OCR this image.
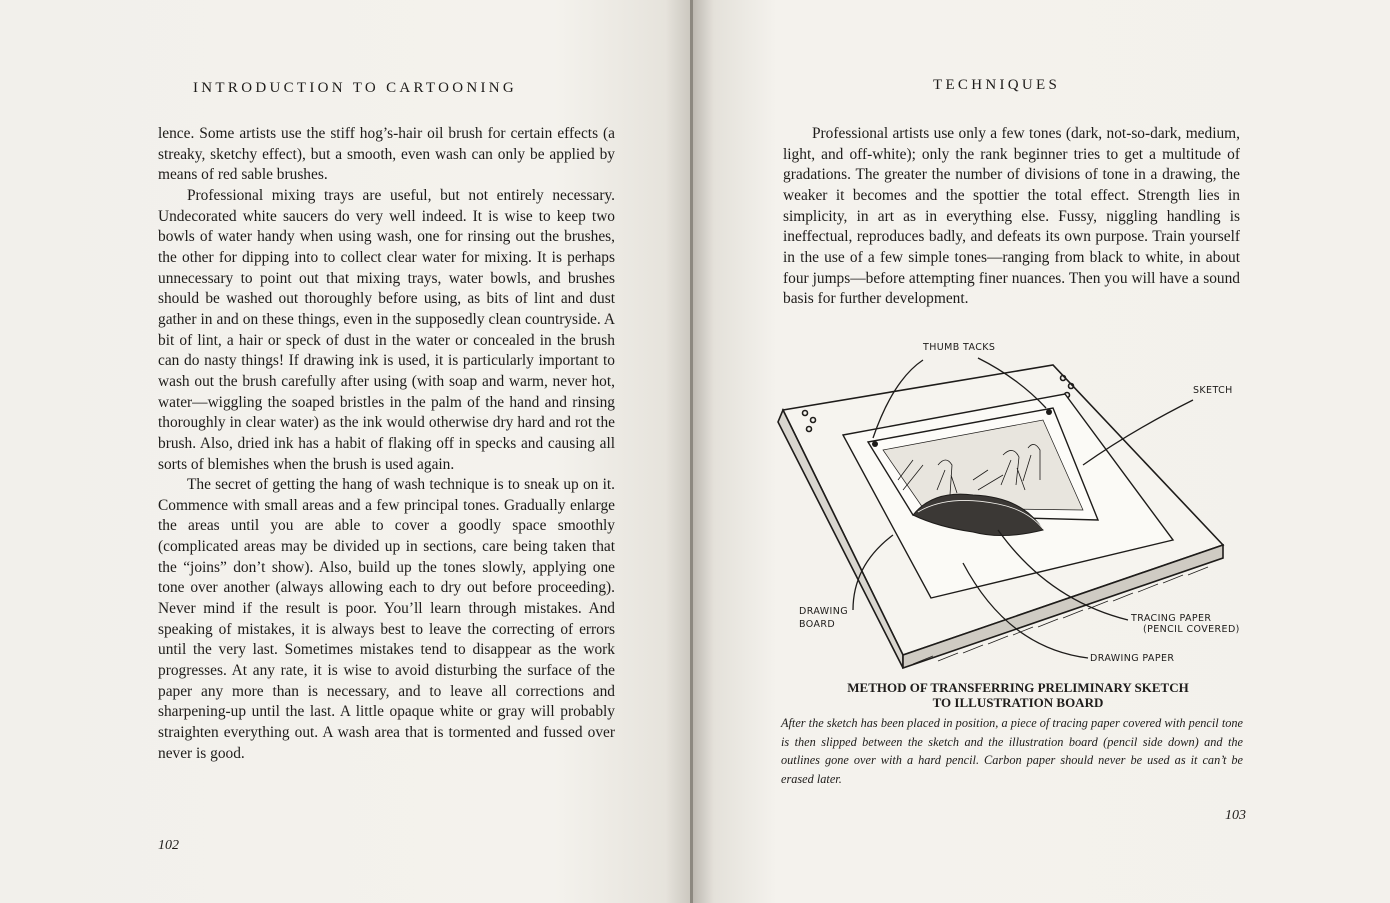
INTRODUCTION TO CARTOONING

lence. Some artists use the stiff hog’s-hair oil brush for certain effects (a streaky, sketchy effect), but a smooth, even wash can only be applied by means of red sable brushes.

Professional mixing trays are useful, but not entirely necessary. Undecorated white saucers do very well indeed. It is wise to keep two bowls of water handy when using wash, one for rinsing out the brushes, the other for dipping into to collect clear water for mixing. It is perhaps unnecessary to point out that mixing trays, water bowls, and brushes should be washed out thoroughly before using, as bits of lint and dust gather in and on these things, even in the supposedly clean countryside. A bit of lint, a hair or speck of dust in the water or concealed in the brush can do nasty things! If drawing ink is used, it is particularly important to wash out the brush carefully after using (with soap and warm, never hot, water—wiggling the soaped bristles in the palm of the hand and rinsing thoroughly in clear water) as the ink would otherwise dry hard and rot the brush. Also, dried ink has a habit of flaking off in specks and causing all sorts of blemishes when the brush is used again.

The secret of getting the hang of wash technique is to sneak up on it. Commence with small areas and a few principal tones. Gradually enlarge the areas until you are able to cover a goodly space smoothly (complicated areas may be divided up in sections, care being taken that the “joins” don’t show). Also, build up the tones slowly, applying one tone over another (always allowing each to dry out before proceeding). Never mind if the result is poor. You’ll learn through mistakes. And speaking of mistakes, it is always best to leave the correcting of errors until the very last. Sometimes mistakes tend to disappear as the work progresses. At any rate, it is wise to avoid disturbing the surface of the paper any more than is necessary, and to leave all corrections and sharpening-up until the last. A little opaque white or gray will probably straighten everything out. A wash area that is tormented and fussed over never is good.

102
TECHNIQUES

Professional artists use only a few tones (dark, not-so-dark, medium, light, and off-white); only the rank beginner tries to get a multitude of gradations. The greater the number of divisions of tone in a drawing, the weaker it becomes and the spottier the total effect. Strength lies in simplicity, in art as in everything else. Fussy, niggling handling is ineffectual, reproduces badly, and defeats its own purpose. Train yourself in the use of a few simple tones—ranging from black to white, in about four jumps—before attempting finer nuances. Then you will have a sound basis for further development.

THUMB TACKS
SKETCH
DRAWING
BOARD
TRACING PAPER
(PENCIL COVERED)
DRAWING PAPER
METHOD OF TRANSFERRING PRELIMINARY SKETCH
TO ILLUSTRATION BOARD
After the sketch has been placed in position, a piece of tracing paper covered with pencil tone is then slipped between the sketch and the illustration board (pencil side down) and the outlines gone over with a hard pencil. Carbon paper should never be used as it can’t be erased later.
103
